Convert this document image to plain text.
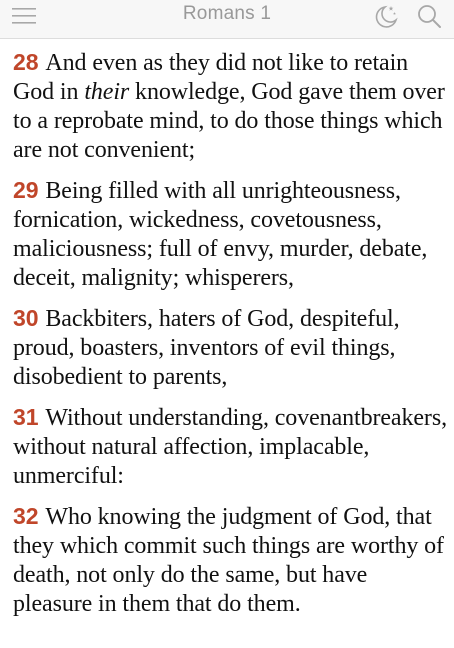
Romans 1

28 And even as they did not like to retain God in their knowledge, God gave them over to a reprobate mind, to do those things which are not convenient;

29 Being filled with all unrighteousness, fornication, wickedness, covetousness, maliciousness; full of envy, murder, debate, deceit, malignity; whisperers,

30 Backbiters, haters of God, despiteful, proud, boasters, inventors of evil things, disobedient to parents,

31 Without understanding, covenantbreakers, without natural affection, implacable, unmerciful:

32 Who knowing the judgment of God, that they which commit such things are worthy of death, not only do the same, but have pleasure in them that do them.
